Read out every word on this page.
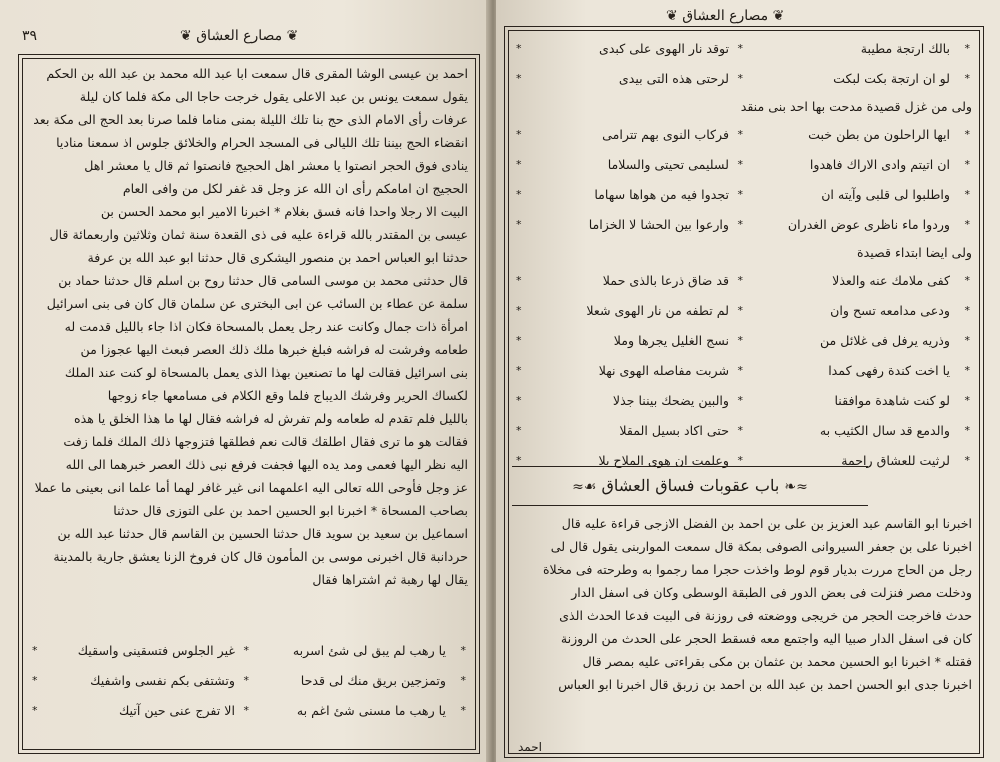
٣٩	❦ مصارع العشاق ❦
احمد بن عيسى الوشا المقرى قال سمعت ابا عبد الله محمد بن عبد الله بن الحكم
يقول سمعت يونس بن عبد الاعلى يقول خرجت حاجا الى مكة فلما كان ليلة
عرفات رأى الامام الذى حج بنا تلك الليلة بمنى مناما فلما صرنا بعد الحج الى مكة بعد
انقضاء الحج بيننا تلك الليالى فى المسجد الحرام والخلائق جلوس اذ سمعنا مناديا
ينادى فوق الحجر انصتوا يا معشر اهل الحجيج فانصتوا ثم قال يا معشر اهل
الحجيج ان امامكم رأى ان الله عز وجل قد غفر لكل من وافى العام
البيت الا رجلا واحدا فانه فسق بغلام * اخبرنا الامير ابو محمد الحسن بن
عيسى بن المقتدر بالله قراءة عليه فى ذى القعدة سنة ثمان وثلاثين واربعمائة قال
حدثنا ابو العباس احمد بن منصور اليشكرى قال حدثنا ابو عبد الله بن عرفة
قال حدثنى محمد بن موسى السامى قال حدثنا روح بن اسلم قال حدثنا حماد بن
سلمة عن عطاء بن السائب عن ابى البخترى عن سلمان قال كان فى بنى اسرائيل
امرأة ذات جمال وكانت عند رجل يعمل بالمسحاة فكان اذا جاء بالليل قدمت له
طعامه وفرشت له فراشه فبلغ خبرها ملك ذلك العصر فبعث اليها عجوزا من
بنى اسرائيل فقالت لها ما تصنعين بهذا الذى يعمل بالمسحاة لو كنت عند الملك
لكساك الحرير وفرشك الديباج فلما وقع الكلام فى مسامعها جاء زوجها
بالليل فلم تقدم له طعامه ولم تفرش له فراشه فقال لها ما هذا الخلق يا هذه
فقالت هو ما ترى فقال اطلقك قالت نعم فطلقها فتزوجها ذلك الملك فلما زفت
اليه نظر اليها فعمى ومد يده اليها فجفت فرفع نبى ذلك العصر خبرهما الى الله
عز وجل فأوحى الله تعالى اليه اعلمهما انى غير غافر لهما أما علما انى بعينى ما عملا
بصاحب المسحاة * اخبرنا ابو الحسين احمد بن على التوزى قال حدثنا
اسماعيل بن سعيد بن سويد قال حدثنا الحسين بن القاسم قال حدثنا عبد الله بن
حردانبة قال اخبرنى موسى بن المأمون قال كان فروخ الزنا يعشق جارية بالمدينة
يقال لها رهبة ثم اشتراها فقال
*
يا رهب لم يبق لى شئ اسربه
*
غير الجلوس فتسقينى واسقيك
*
*
وتمزجين بريق منك لى قدحا
*
وتشتفى بكم نفسى واشفيك
*
*
يا رهب ما مسنى شئ اغم به
*
الا تفرج عنى حين آتيك
*
❦ مصارع العشاق ❦
*
بالك ارتجة مطيبة
*
توقد نار الهوى على كبدى
*
*
لو ان ارتجة بكت لبكت
*
لرحتى هذه التى بيدى
*
ولى من غزل قصيدة مدحت بها احد بنى منقد
*
ايها الراحلون من بطن خبت
*
فركاب النوى بهم تترامى
*
*
ان اتيتم وادى الاراك فاهدوا
*
لسليمى تحيتى والسلاما
*
*
واطلبوا لى قلبى وآيته ان
*
تجدوا فيه من هواها سهاما
*
*
وردوا ماء ناظرى عوض الغدران
*
وارعوا بين الحشا لا الخزاما
*
ولى ايضا ابتداء قصيدة
*
كفى ملامك عنه والعذلا
*
قد ضاق ذرعا بالذى حملا
*
*
ودعى مدامعه تسح وان
*
لم تطفه من نار الهوى شعلا
*
*
وذريه يرفل فى غلائل من
*
نسج الغليل يجرها وملا
*
*
يا اخت كندة رفهى كمدا
*
شربت مفاصله الهوى نهلا
*
*
لو كنت شاهدة موافقنا
*
والبين يضحك بيننا جذلا
*
*
والدمع قد سال الكثيب به
*
حتى اكاد بسيل المقلا
*
*
لرثيت للعشاق راحمة
*
وعلمت ان هوى الملاح بلا
*
≈❧ باب عقوبات فساق العشاق ☙≈
اخبرنا ابو القاسم عبد العزيز بن على بن احمد بن الفضل الازجى قراءة عليه قال
اخبرنا على بن جعفر السيروانى الصوفى بمكة قال سمعت المواربنى يقول قال لى
رجل من الحاج مررت بديار قوم لوط واخذت حجرا مما رجموا به وطرحته فى مخلاة
ودخلت مصر فنزلت فى بعض الدور فى الطبقة الوسطى وكان فى اسفل الدار
حدث فاخرجت الحجر من خريجى ووضعته فى روزنة فى البيت فدعا الحدث الذى
كان فى اسفل الدار صبيا اليه واجتمع معه فسقط الحجر على الحدث من الروزنة
فقتله * اخبرنا ابو الحسين محمد بن عثمان بن مكى بقراءتى عليه بمصر قال
اخبرنا جدى ابو الحسن احمد بن عبد الله بن احمد بن زربق قال اخبرنا ابو العباس
احمد
